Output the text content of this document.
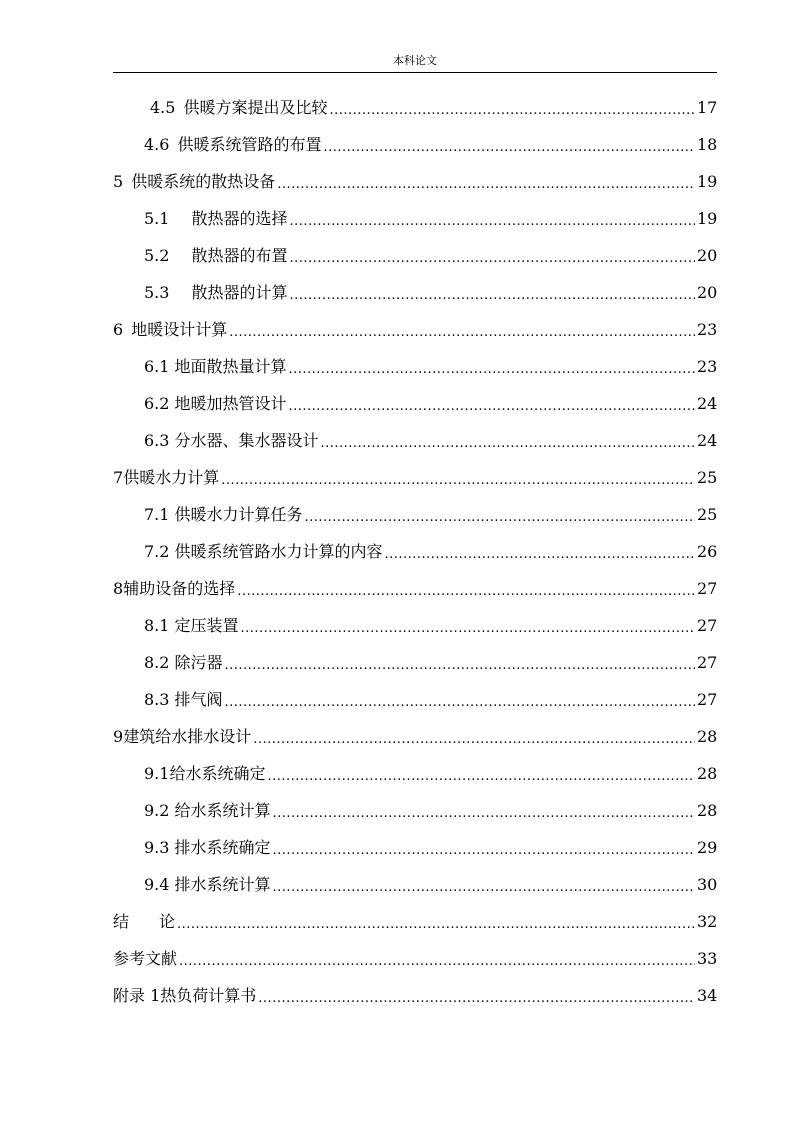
本科论文
4.5 供暖方案提出及比较 .....	17
4.6 供暖系统管路的布置 .....	18
5 供暖系统的散热设备 .....	19
5.1 散热器的选择 .....	19
5.2 散热器的布置 .....	20
5.3 散热器的计算 .....	20
6 地暖设计计算 .....	23
6.1 地面散热量计算 .....	23
6.2 地暖加热管设计 .....	24
6.3 分水器、集水器设计 .....	24
7 供暖水力计算 .....	25
7.1 供暖水力计算任务 .....	25
7.2 供暖系统管路水力计算的内容 .....	26
8 辅助设备的选择 .....	27
8.1 定压装置 .....	27
8.2 除污器 .....	27
8.3 排气阀 .....	27
9 建筑给水排水设计 .....	28
9.1 给水系统确定 .....	28
9.2 给水系统计算 .....	28
9.3 排水系统确定 .....	29
9.4 排水系统计算 .....	30
结论 .....	32
参考文献 .....	33
附录 1 热负荷计算书 .....	34
